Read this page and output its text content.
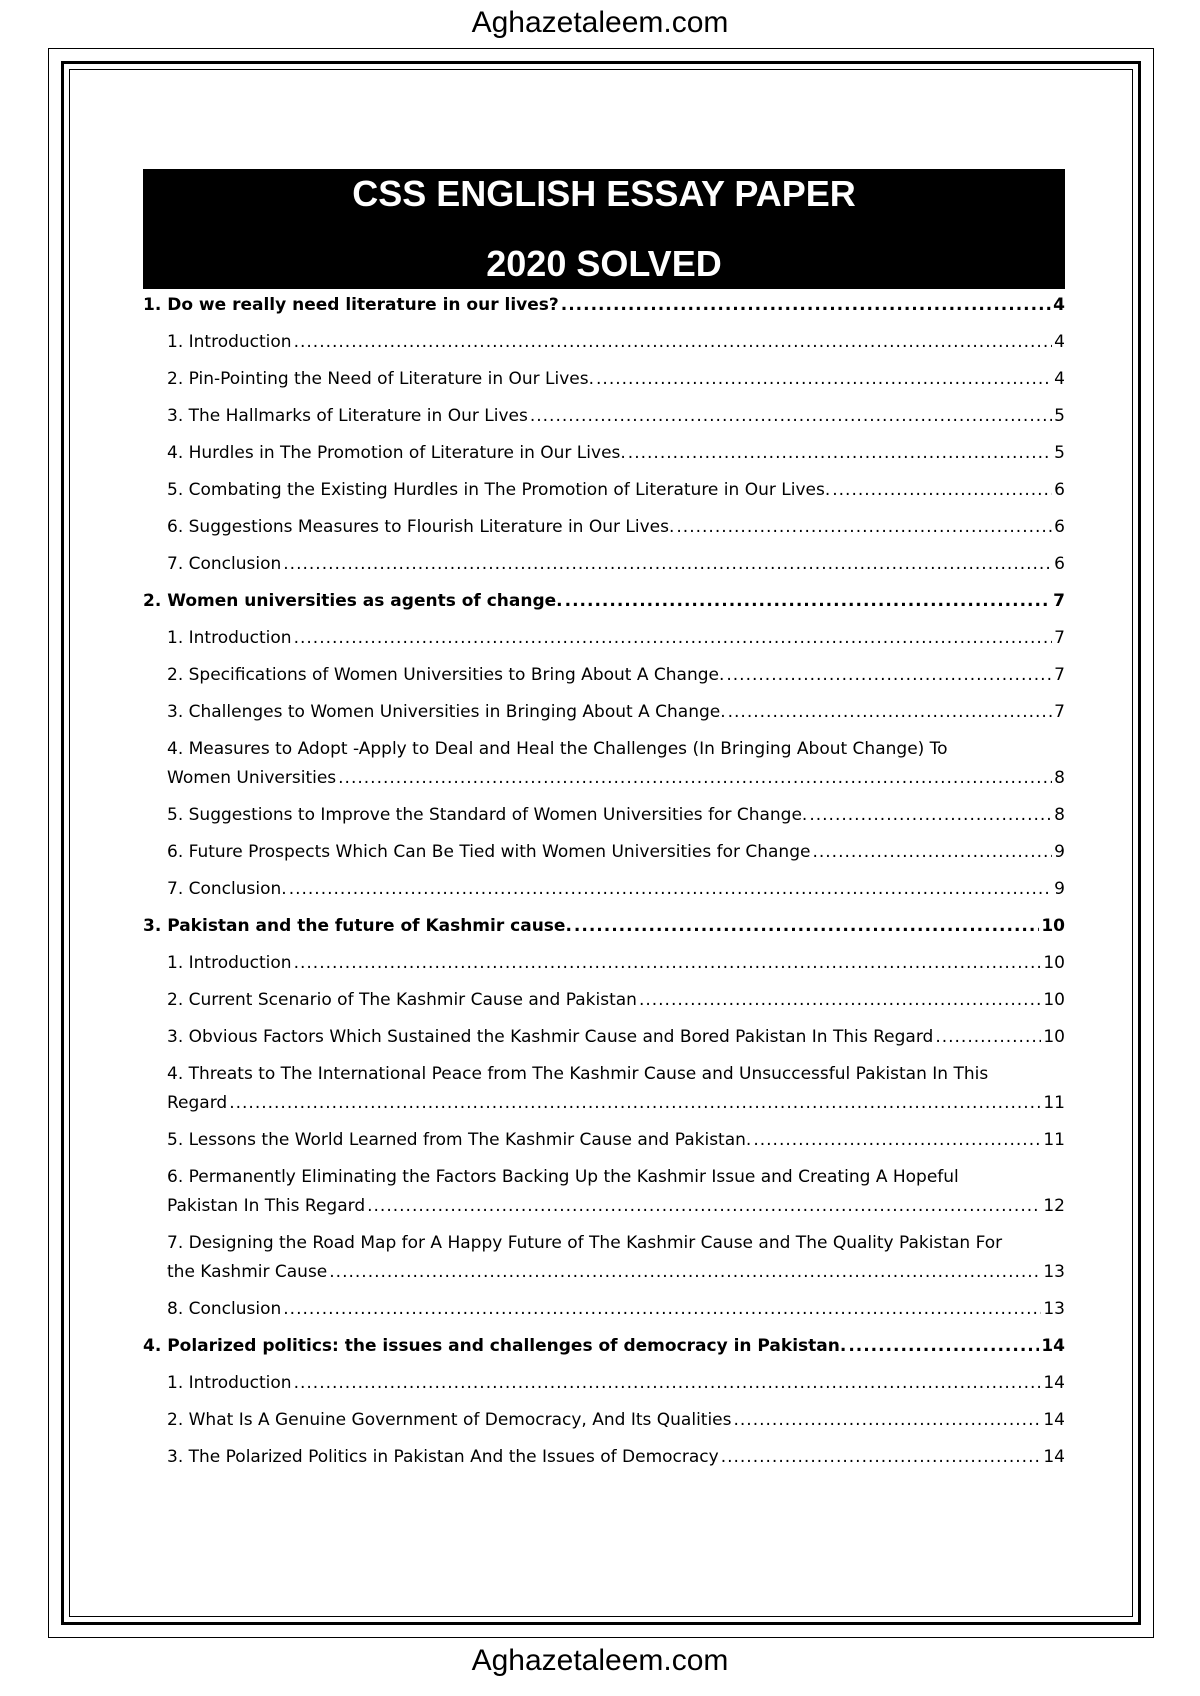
Aghazetaleem.com
CSS ENGLISH ESSAY PAPER
2020 SOLVED
1. Do we really need literature in our lives? .....	4
1. Introduction .....	4
2. Pin-Pointing the Need of Literature in Our Lives. .....	4
3. The Hallmarks of Literature in Our Lives .....	5
4. Hurdles in The Promotion of Literature in Our Lives. .....	5
5. Combating the Existing Hurdles in The Promotion of Literature in Our Lives. .....	6
6. Suggestions Measures to Flourish Literature in Our Lives. .....	6
7. Conclusion .....	6
2. Women universities as agents of change. .....	7
1. Introduction .....	7
2. Specifications of Women Universities to Bring About A Change. .....	7
3. Challenges to Women Universities in Bringing About A Change. .....	7
4. Measures to Adopt -Apply to Deal and Heal the Challenges (In Bringing About Change) To
Women Universities .....	8
5. Suggestions to Improve the Standard of Women Universities for Change. .....	8
6. Future Prospects Which Can Be Tied with Women Universities for Change .....	9
7. Conclusion. .....	9
3. Pakistan and the future of Kashmir cause. .....	10
1. Introduction .....	10
2. Current Scenario of The Kashmir Cause and Pakistan .....	10
3. Obvious Factors Which Sustained the Kashmir Cause and Bored Pakistan In This Regard .....	10
4. Threats to The International Peace from The Kashmir Cause and Unsuccessful Pakistan In This
Regard .....	11
5. Lessons the World Learned from The Kashmir Cause and Pakistan. .....	11
6. Permanently Eliminating the Factors Backing Up the Kashmir Issue and Creating A Hopeful
Pakistan In This Regard .....	12
7. Designing the Road Map for A Happy Future of The Kashmir Cause and The Quality Pakistan For
the Kashmir Cause .....	13
8. Conclusion .....	13
4. Polarized politics: the issues and challenges of democracy in Pakistan. .....	14
1. Introduction .....	14
2. What Is A Genuine Government of Democracy, And Its Qualities .....	14
3. The Polarized Politics in Pakistan And the Issues of Democracy .....	14
Aghazetaleem.com
